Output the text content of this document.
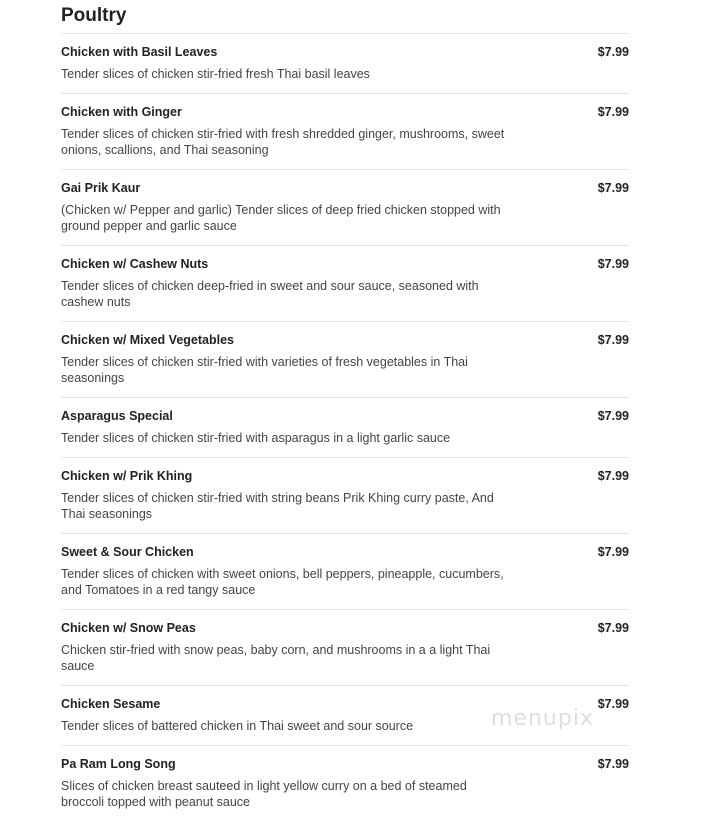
Poultry
Chicken with Basil Leaves	$7.99
Tender slices of chicken stir-fried fresh Thai basil leaves
Chicken with Ginger	$7.99
Tender slices of chicken stir-fried with fresh shredded ginger, mushrooms, sweet onions, scallions, and Thai seasoning
Gai Prik Kaur	$7.99
(Chicken w/ Pepper and garlic) Tender slices of deep fried chicken stopped with ground pepper and garlic sauce
Chicken w/ Cashew Nuts	$7.99
Tender slices of chicken deep-fried in sweet and sour sauce, seasoned with cashew nuts
Chicken w/ Mixed Vegetables	$7.99
Tender slices of chicken stir-fried with varieties of fresh vegetables in Thai seasonings
Asparagus Special	$7.99
Tender slices of chicken stir-fried with asparagus in a light garlic sauce
Chicken w/ Prik Khing	$7.99
Tender slices of chicken stir-fried with string beans Prik Khing curry paste, And Thai seasonings
Sweet & Sour Chicken	$7.99
Tender slices of chicken with sweet onions, bell peppers, pineapple, cucumbers, and Tomatoes in a red tangy sauce
Chicken w/ Snow Peas	$7.99
Chicken stir-fried with snow peas, baby corn, and mushrooms in a a light Thai sauce
Chicken Sesame	$7.99
Tender slices of battered chicken in Thai sweet and sour source
Pa Ram Long Song	$7.99
Slices of chicken breast sauteed in light yellow curry on a bed of steamed broccoli topped with peanut sauce
menupix
